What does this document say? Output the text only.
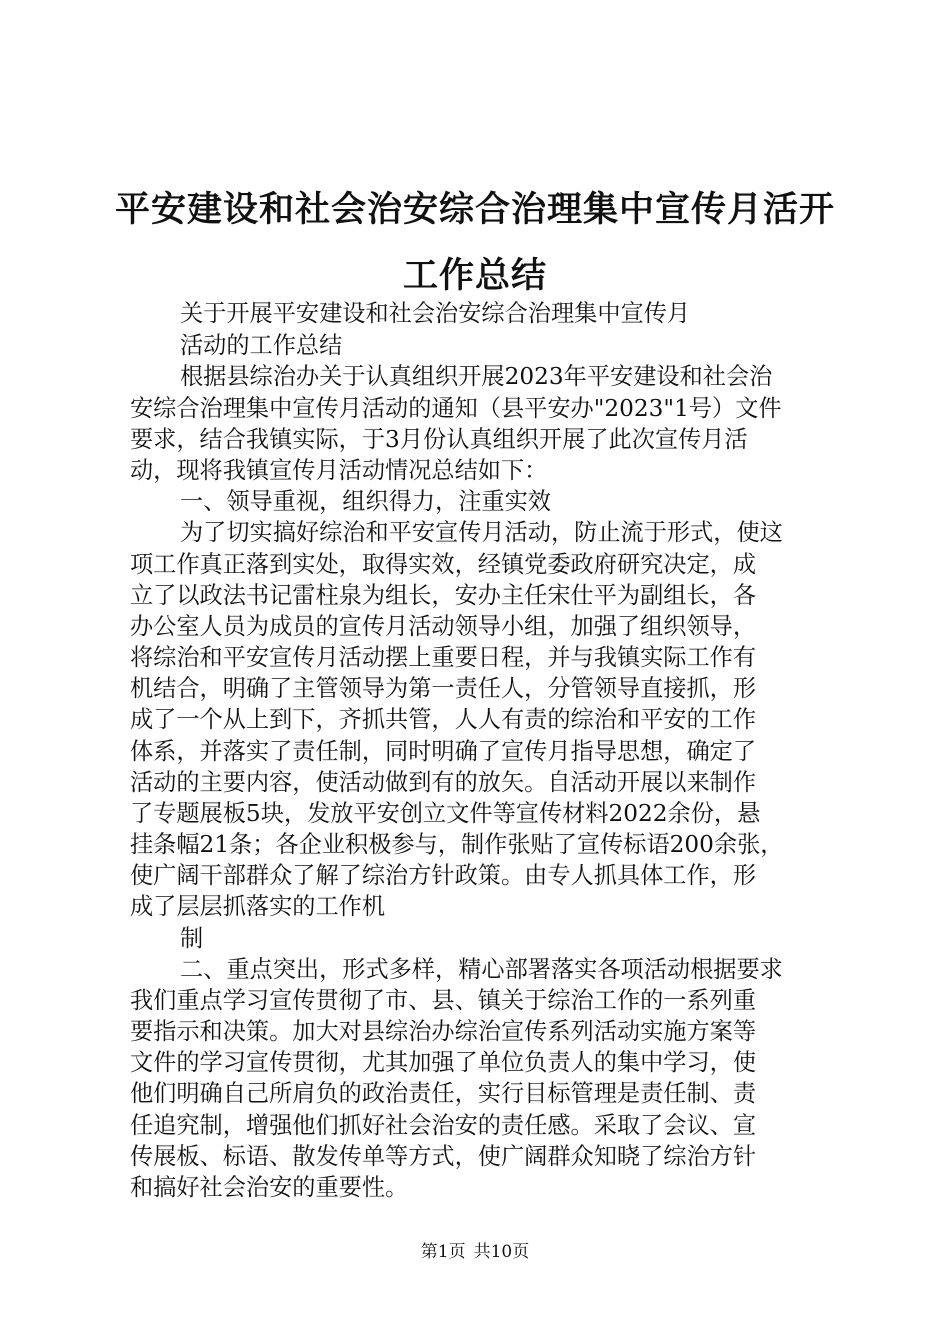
平安建设和社会治安综合治理集中宣传月活开
工作总结

关于开展平安建设和社会治安综合治理集中宣传月

活动的工作总结

根据县综治办关于认真组织开展2023年平安建设和社会治

安综合治理集中宣传月活动的通知（县平安办"2023"1号）文件

要求，结合我镇实际，于3月份认真组织开展了此次宣传月活

动，现将我镇宣传月活动情况总结如下：

一、领导重视，组织得力，注重实效

为了切实搞好综治和平安宣传月活动，防止流于形式，使这

项工作真正落到实处，取得实效，经镇党委政府研究决定，成

立了以政法书记雷柱泉为组长，安办主任宋仕平为副组长，各

办公室人员为成员的宣传月活动领导小组，加强了组织领导，

将综治和平安宣传月活动摆上重要日程，并与我镇实际工作有

机结合，明确了主管领导为第一责任人，分管领导直接抓，形

成了一个从上到下，齐抓共管，人人有责的综治和平安的工作

体系，并落实了责任制，同时明确了宣传月指导思想，确定了

活动的主要内容，使活动做到有的放矢。自活动开展以来制作

了专题展板5块，发放平安创立文件等宣传材料2022余份，悬

挂条幅21条；各企业积极参与，制作张贴了宣传标语200余张，

使广阔干部群众了解了综治方针政策。由专人抓具体工作，形

成了层层抓落实的工作机

制

二、重点突出，形式多样，精心部署落实各项活动根据要求

我们重点学习宣传贯彻了市、县、镇关于综治工作的一系列重

要指示和决策。加大对县综治办综治宣传系列活动实施方案等

文件的学习宣传贯彻，尤其加强了单位负责人的集中学习，使

他们明确自己所肩负的政治责任，实行目标管理是责任制、责

任追究制，增强他们抓好社会治安的责任感。采取了会议、宣

传展板、标语、散发传单等方式，使广阔群众知晓了综治方针

和搞好社会治安的重要性。

第1页 共10页
